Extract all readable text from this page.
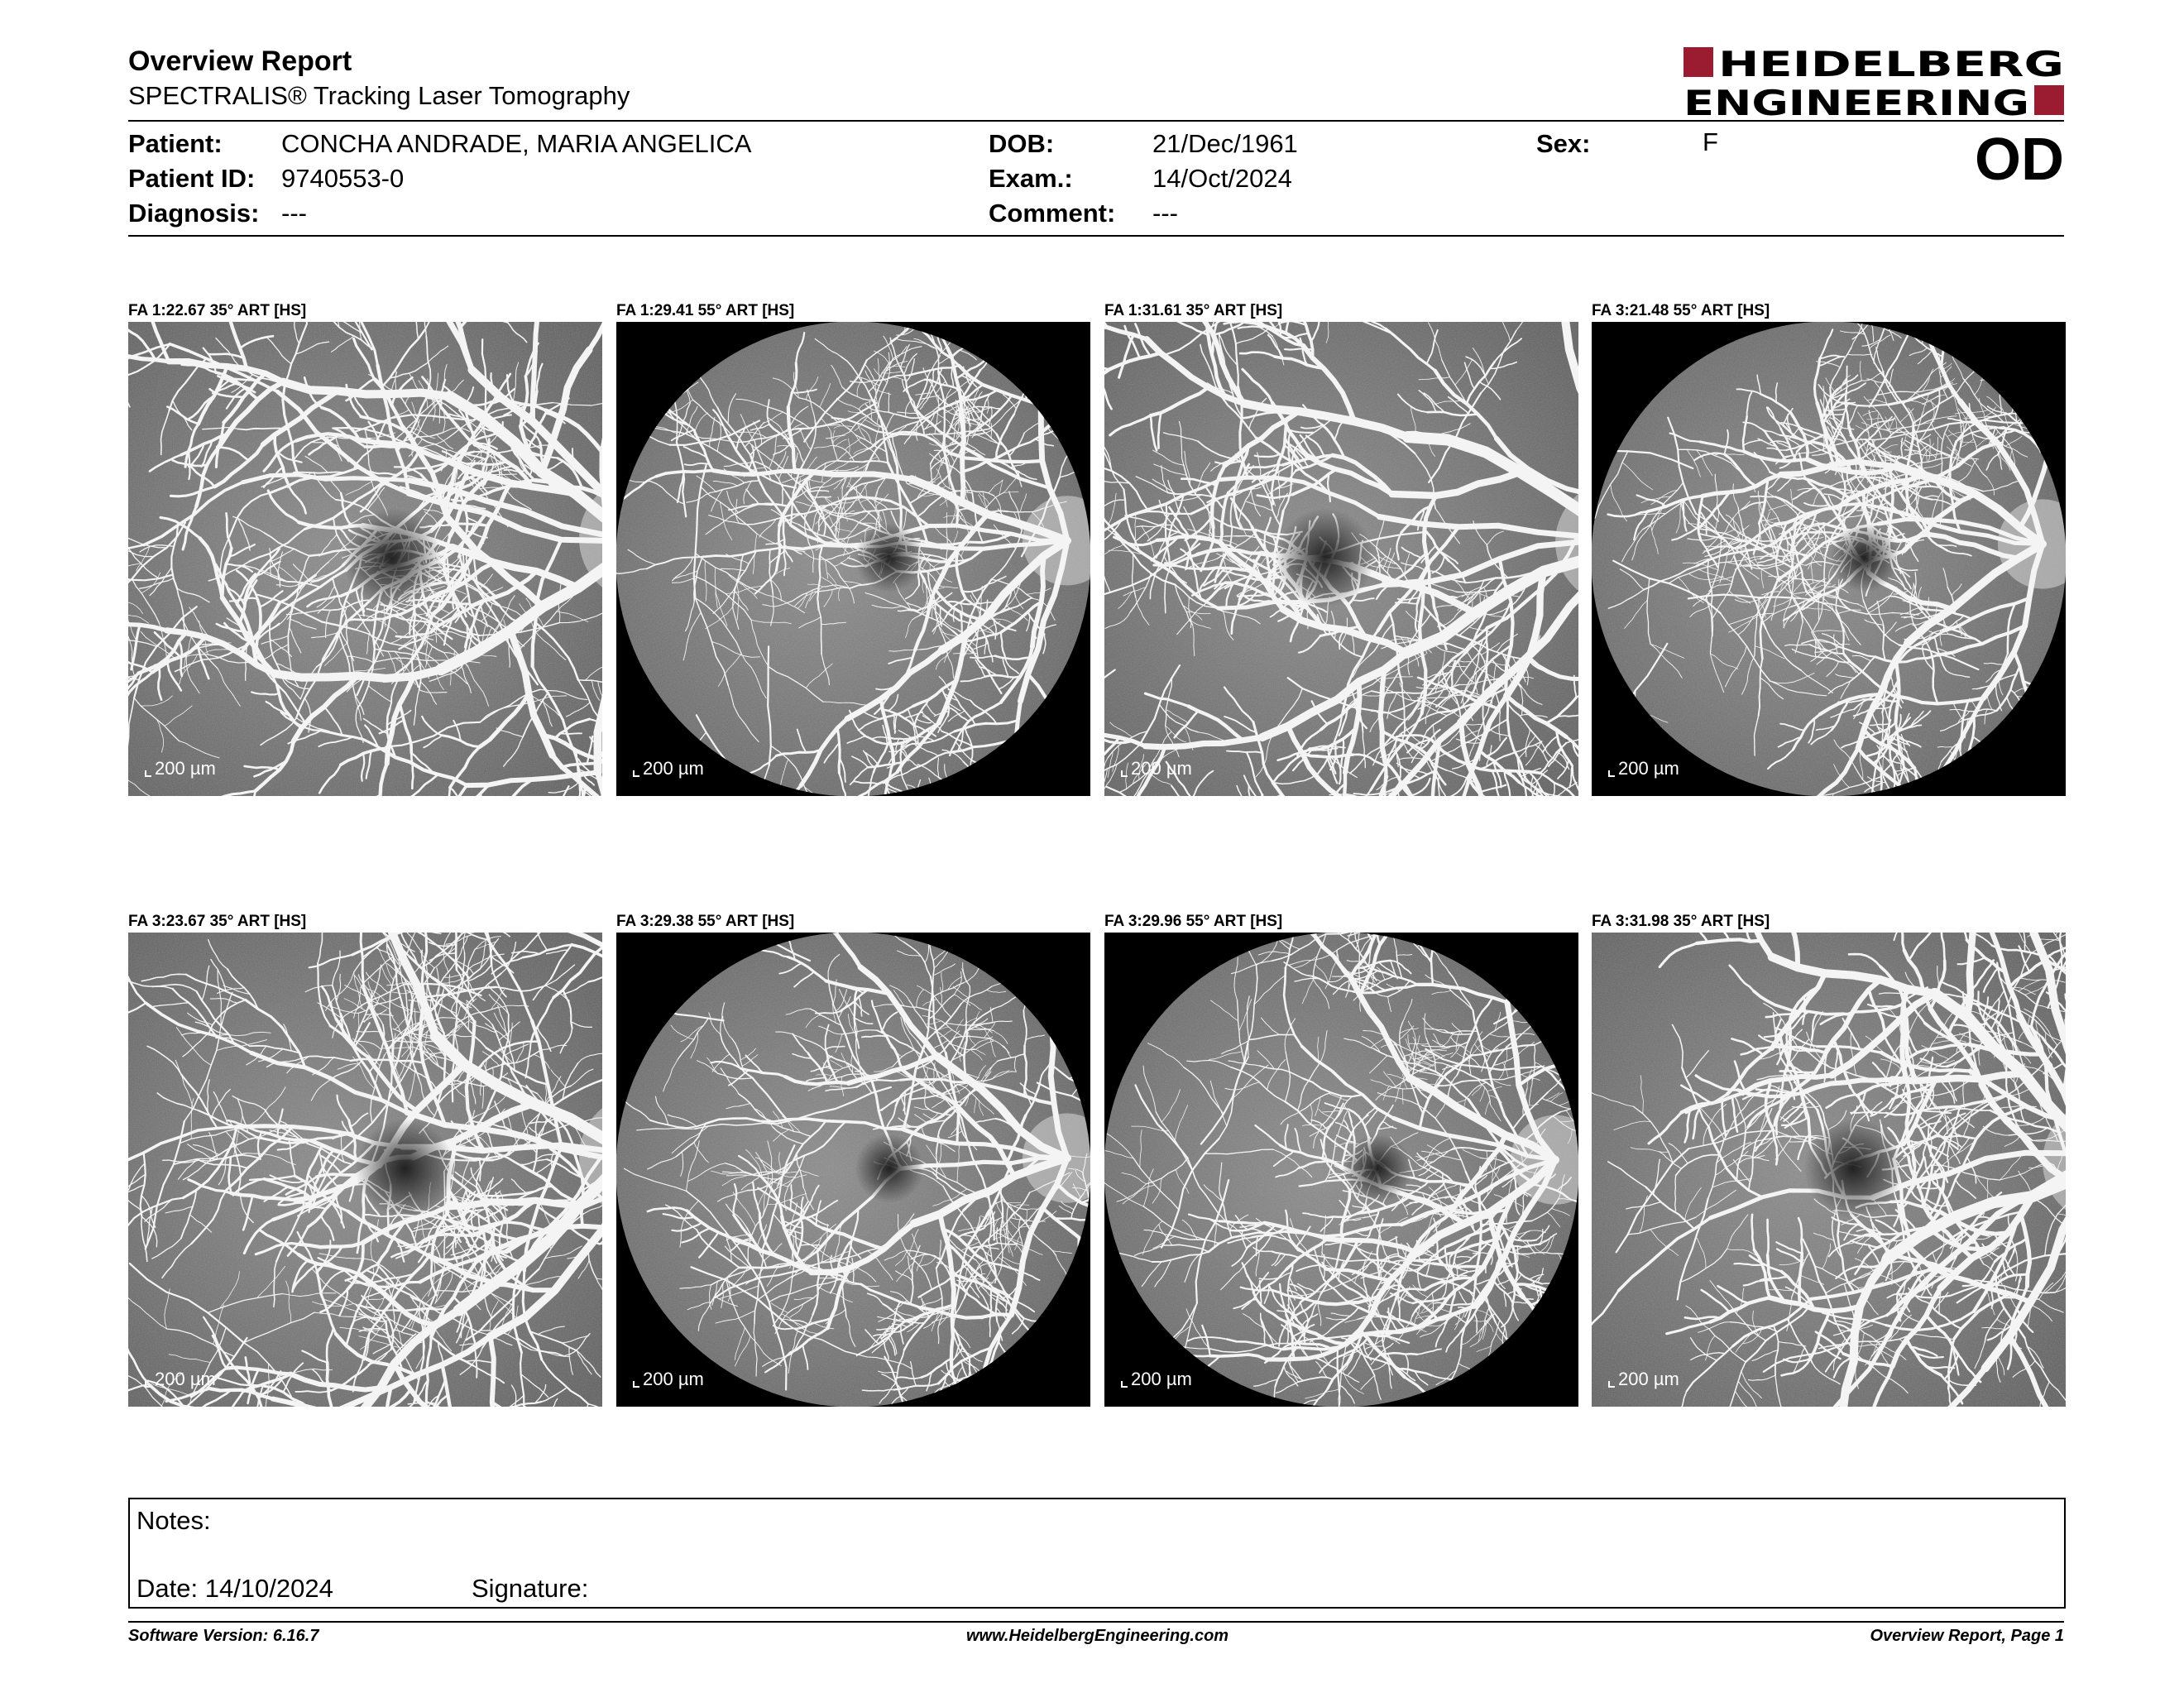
Overview Report
SPECTRALIS® Tracking Laser Tomography
HEIDELBERG
ENGINEERING
Patient: CONCHA ANDRADE, MARIA ANGELICA
Patient ID: 9740553-0
Diagnosis: ---
DOB:	21/Dec/1961
Exam.:	14/Oct/2024
Comment: ---
Sex:	F	OD
FA 1:22.67 35° ART [HS]
200 µm
FA 1:29.41 55° ART [HS]
200 µm
FA 1:31.61 35° ART [HS]
200 µm
FA 3:21.48 55° ART [HS]
200 µm
FA 3:23.67 35° ART [HS]
200 µm
FA 3:29.38 55° ART [HS]
200 µm
FA 3:29.96 55° ART [HS]
200 µm
FA 3:31.98 35° ART [HS]
200 µm
Notes:
Date: 14/10/2024	Signature:
Software Version: 6.16.7	www.HeidelbergEngineering.com	Overview Report, Page 1
